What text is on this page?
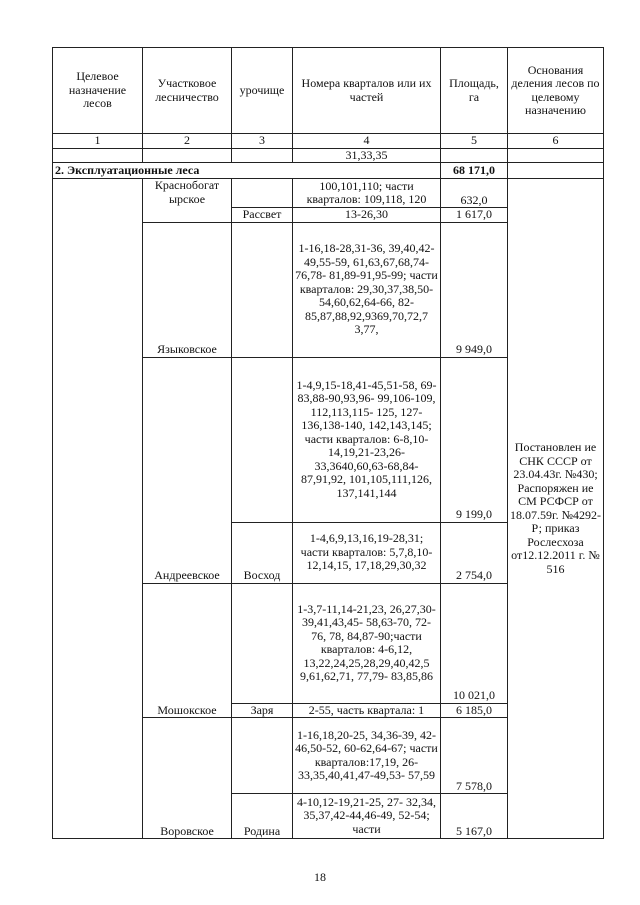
Целевое назначение лесов	Участковое лесничество	урочище	Номера кварталов или их частей	Площадь, га	Основания деления лесов по целевому назначению
1	2	3	4	5	6
			31,33,35		
2. Эксплуатационные леса				68 171,0	
	Краснобогат ырское		100,101,110; части кварталов: 109,118, 120	632,0	Постановлен ие СНК СССР от 23.04.43г. №430; Распоряжен ие СМ РСФСР от 18.07.59г. №4292-Р; приказ Рослесхоза от12.12.2011 г. № 516
		Рассвет	13-26,30	1 617,0	
	Языковское		1-16,18-28,31-36, 39,40,42-49,55-59, 61,63,67,68,74-76,78- 81,89-91,95-99; части кварталов: 29,30,37,38,50- 54,60,62,64-66, 82- 85,87,88,92,9369,70,72,7 3,77,	9 949,0	
	Андреевское		1-4,9,15-18,41-45,51-58, 69-83,88-90,93,96- 99,106-109, 112,113,115- 125, 127-136,138-140, 142,143,145; части кварталов: 6-8,10- 14,19,21-23,26- 33,3640,60,63-68,84- 87,91,92, 101,105,111,126, 137,141,144	9 199,0	
		Восход	1-4,6,9,13,16,19-28,31; части кварталов: 5,7,8,10-12,14,15, 17,18,29,30,32	2 754,0	
	Мошокское		1-3,7-11,14-21,23, 26,27,30-39,41,43,45- 58,63-70, 72-76, 78, 84,87-90;части кварталов: 4-6,12, 13,22,24,25,28,29,40,42,5 9,61,62,71, 77,79- 83,85,86	10 021,0	
		Заря	2-55, часть квартала: 1	6 185,0	
	Воровское		1-16,18,20-25, 34,36-39, 42-46,50-52, 60-62,64-67; части кварталов:17,19, 26-33,35,40,41,47-49,53- 57,59	7 578,0	
		Родина	4-10,12-19,21-25, 27- 32,34, 35,37,42-44,46-49, 52-54; части	5 167,0	
18
